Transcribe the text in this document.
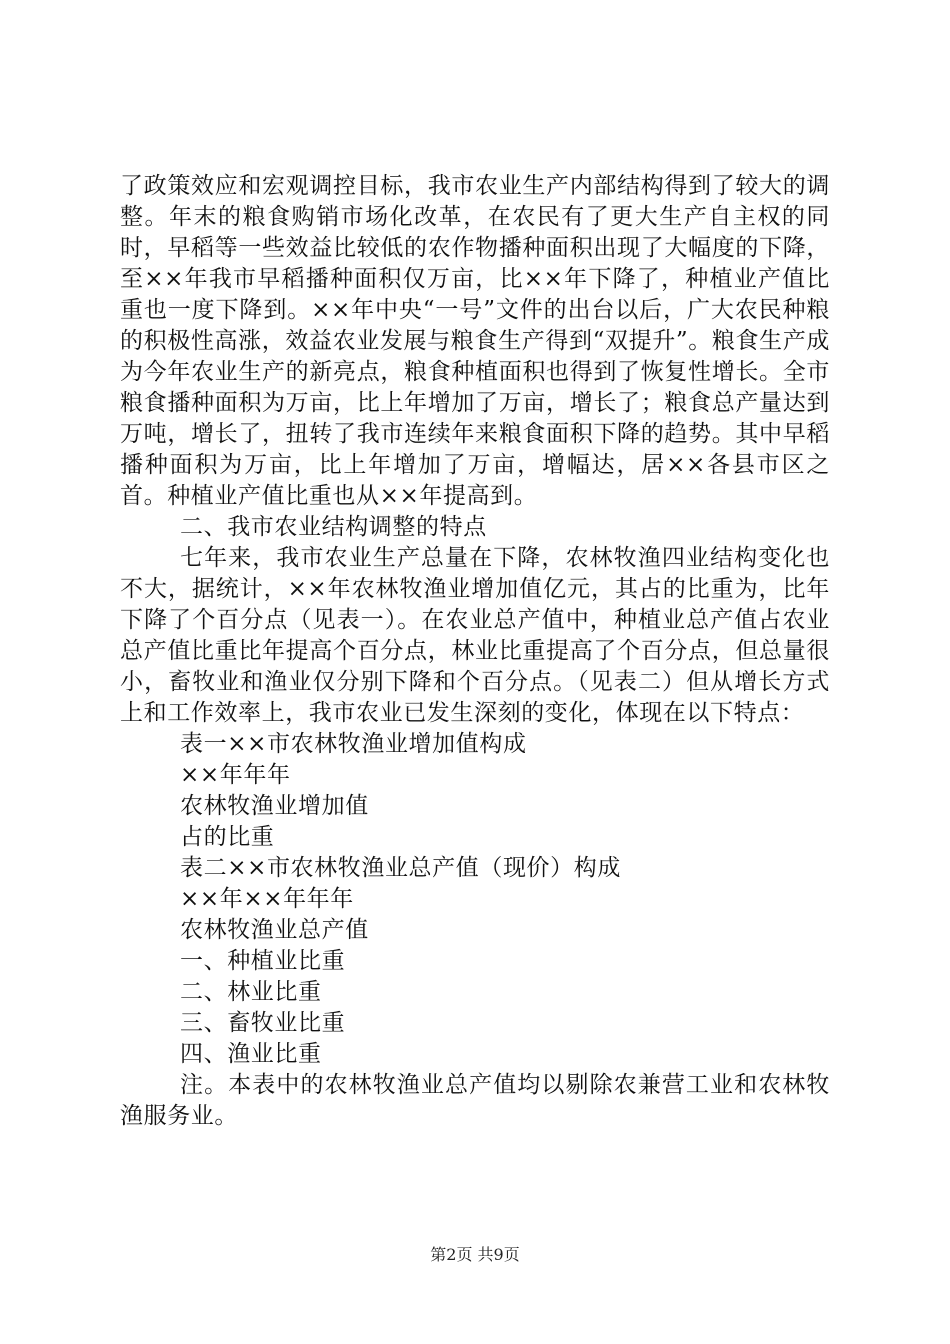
了政策效应和宏观调控目标，我市农业生产内部结构得到了较大的调整。年末的粮食购销市场化改革，在农民有了更大生产自主权的同时，早稻等一些效益比较低的农作物播种面积出现了大幅度的下降，至××年我市早稻播种面积仅万亩，比××年下降了，种植业产值比重也一度下降到。××年中央“一号”文件的出台以后，广大农民种粮的积极性高涨，效益农业发展与粮食生产得到“双提升”。粮食生产成为今年农业生产的新亮点，粮食种植面积也得到了恢复性增长。全市粮食播种面积为万亩，比上年增加了万亩，增长了；粮食总产量达到万吨，增长了，扭转了我市连续年来粮食面积下降的趋势。其中早稻播种面积为万亩，比上年增加了万亩，增幅达，居××各县市区之首。种植业产值比重也从××年提高到。

二、我市农业结构调整的特点

七年来，我市农业生产总量在下降，农林牧渔四业结构变化也不大，据统计，××年农林牧渔业增加值亿元，其占的比重为，比年下降了个百分点（见表一）。在农业总产值中，种植业总产值占农业总产值比重比年提高个百分点，林业比重提高了个百分点，但总量很小，畜牧业和渔业仅分别下降和个百分点。（见表二）但从增长方式上和工作效率上，我市农业已发生深刻的变化，体现在以下特点：

表一××市农林牧渔业增加值构成

××年年年

农林牧渔业增加值

占的比重

表二××市农林牧渔业总产值（现价）构成

××年××年年年

农林牧渔业总产值

一、种植业比重

二、林业比重

三、畜牧业比重

四、渔业比重

注。本表中的农林牧渔业总产值均以剔除农兼营工业和农林牧渔服务业。

第2页 共9页
